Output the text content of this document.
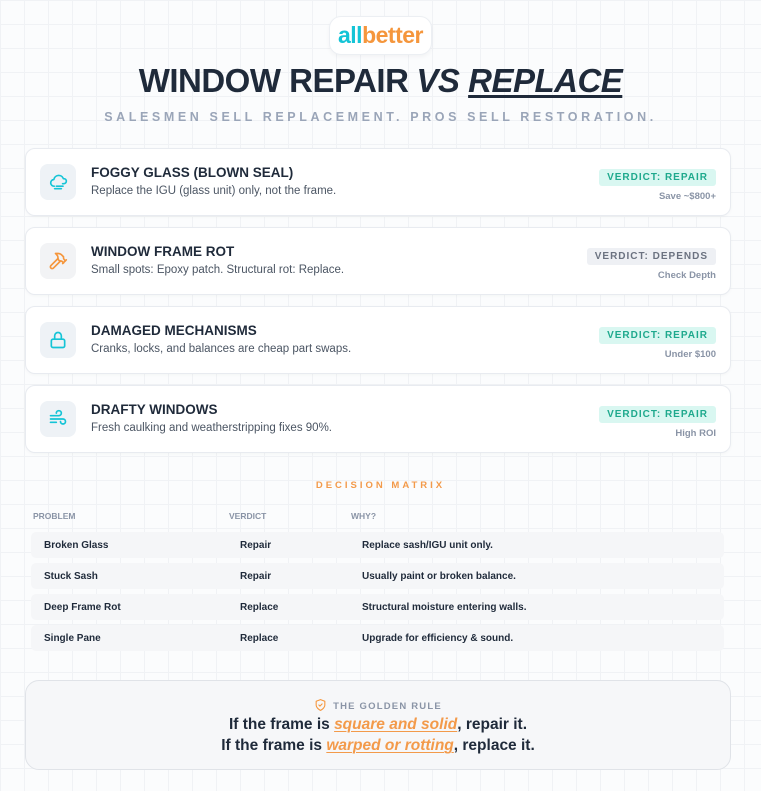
allbetter
WINDOW REPAIR VS REPLACE
SALESMEN SELL REPLACEMENT. PROS SELL RESTORATION.
FOGGY GLASS (BLOWN SEAL)
Replace the IGU (glass unit) only, not the frame.
VERDICT: REPAIR
Save ~$800+
WINDOW FRAME ROT
Small spots: Epoxy patch. Structural rot: Replace.
VERDICT: DEPENDS
Check Depth
DAMAGED MECHANISMS
Cranks, locks, and balances are cheap part swaps.
VERDICT: REPAIR
Under $100
DRAFTY WINDOWS
Fresh caulking and weatherstripping fixes 90%.
VERDICT: REPAIR
High ROI
DECISION MATRIX
PROBLEM	VERDICT	WHY?
Broken Glass	Repair	Replace sash/IGU unit only.
Stuck Sash	Repair	Usually paint or broken balance.
Deep Frame Rot	Replace	Structural moisture entering walls.
Single Pane	Replace	Upgrade for efficiency & sound.
THE GOLDEN RULE
If the frame is square and solid, repair it.
If the frame is warped or rotting, replace it.
